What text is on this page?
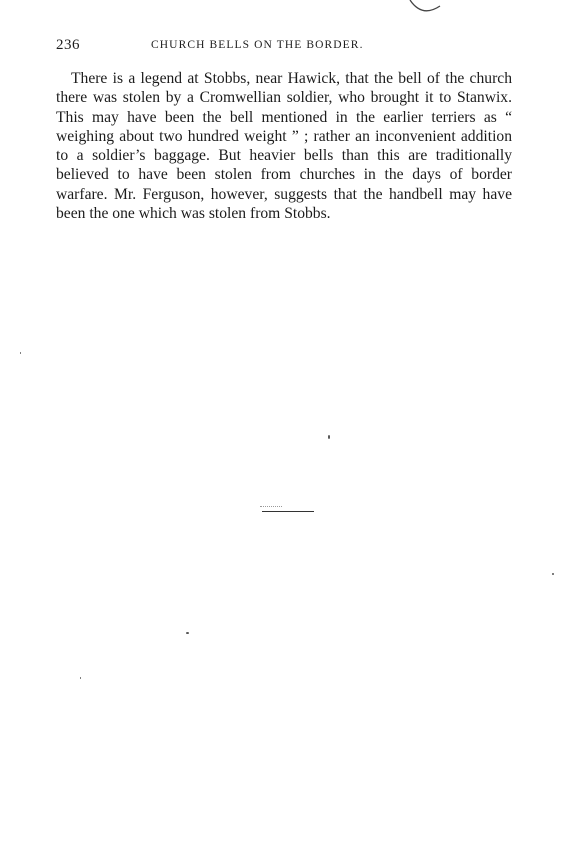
236	CHURCH BELLS ON THE BORDER.

There is a legend at Stobbs, near Hawick, that the bell of the church there was stolen by a Cromwellian soldier, who brought it to Stanwix. This may have been the bell mentioned in the earlier terriers as “ weighing about two hundred weight ” ; rather an inconvenient addition to a soldier’s baggage. But heavier bells than this are traditionally believed to have been stolen from churches in the days of border warfare. Mr. Ferguson, however, suggests that the handbell may have been the one which was stolen from Stobbs.
